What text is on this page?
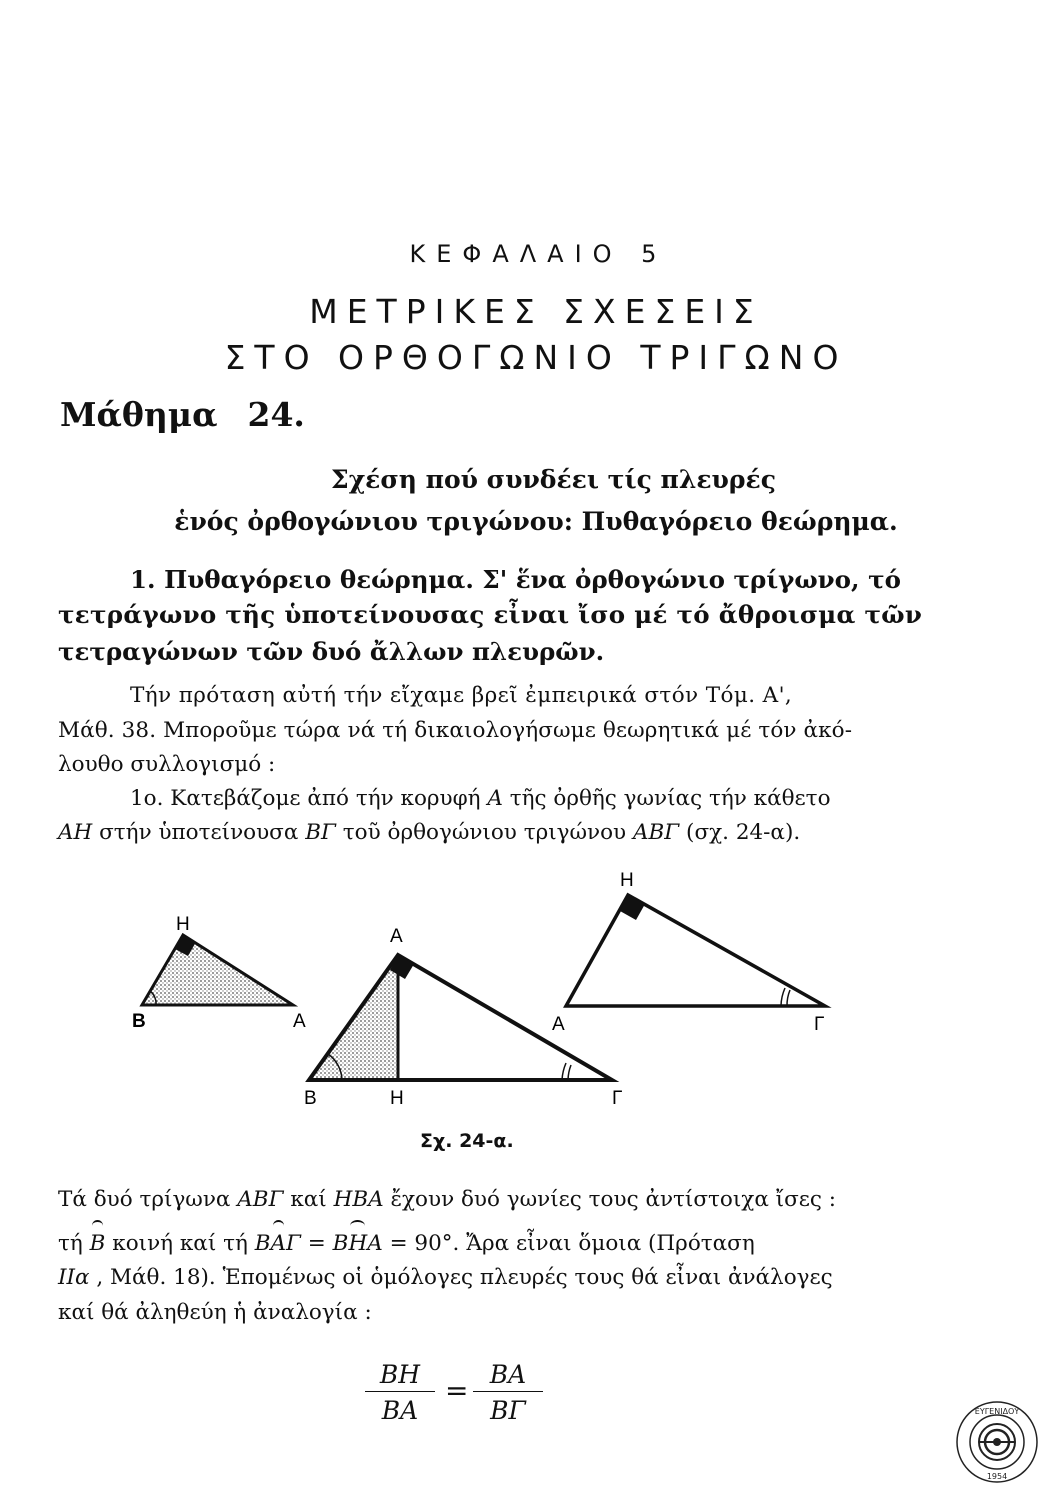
ΚΕΦΑΛΑΙΟ 5
ΜΕΤΡΙΚΕΣ ΣΧΕΣΕΙΣ
ΣΤΟ ΟΡΘΟΓΩΝΙΟ ΤΡΙΓΩΝΟ
Μάθημα 24.
Σχέση πού συνδέει τίς πλευρές
ἑνός ὀρθογώνιου τριγώνου: Πυθαγόρειο θεώρημα.
1. Πυθαγόρειο θεώρημα. Σ' ἕνα ὀρθογώνιο τρίγωνο, τό
τετράγωνο τῆς ὑποτείνουσας εἶναι ἴσο μέ τό ἄθροισμα τῶν
τετραγώνων τῶν δυό ἄλλων πλευρῶν.
Τήν πρόταση αὐτή τήν εἴχαμε βρεῖ ἐμπειρικά στόν Τόμ. Α',
Μάθ. 38. Μποροῦμε τώρα νά τή δικαιολογήσωμε θεωρητικά μέ τόν ἀκό-
λουθο συλλογισμό :
1ο. Κατεβάζομε ἀπό τήν κορυφή Α τῆς ὀρθῆς γωνίας τήν κάθετο
ΑΗ στήν ὑποτείνουσα ΒΓ τοῦ ὀρθογώνιου τριγώνου ΑΒΓ (σχ. 24-α).
Η
Β	Α
Α
Β	Η	Γ
Η
Α	Γ
Σχ. 24-α.
Τά δυό τρίγωνα ΑΒΓ καί ΗΒΑ ἔχουν δυό γωνίες τους ἀντίστοιχα ἴσες :
τή Β κοινή καί τή ΒΑΓ = ΒΗΑ = 90°. Ἄρα εἶναι ὅμοια (Πρόταση
ΙΙα , Μάθ. 18). Ἑπομένως οἱ ὁμόλογες πλευρές τους θά εἶναι ἀνάλογες
καί θά ἀληθεύη ἡ ἀναλογία :
$\frac{BH}{BA} = \frac{BA}{B\Gamma}$	ΕΥΓΕΝΙΔΟΥ
1954
